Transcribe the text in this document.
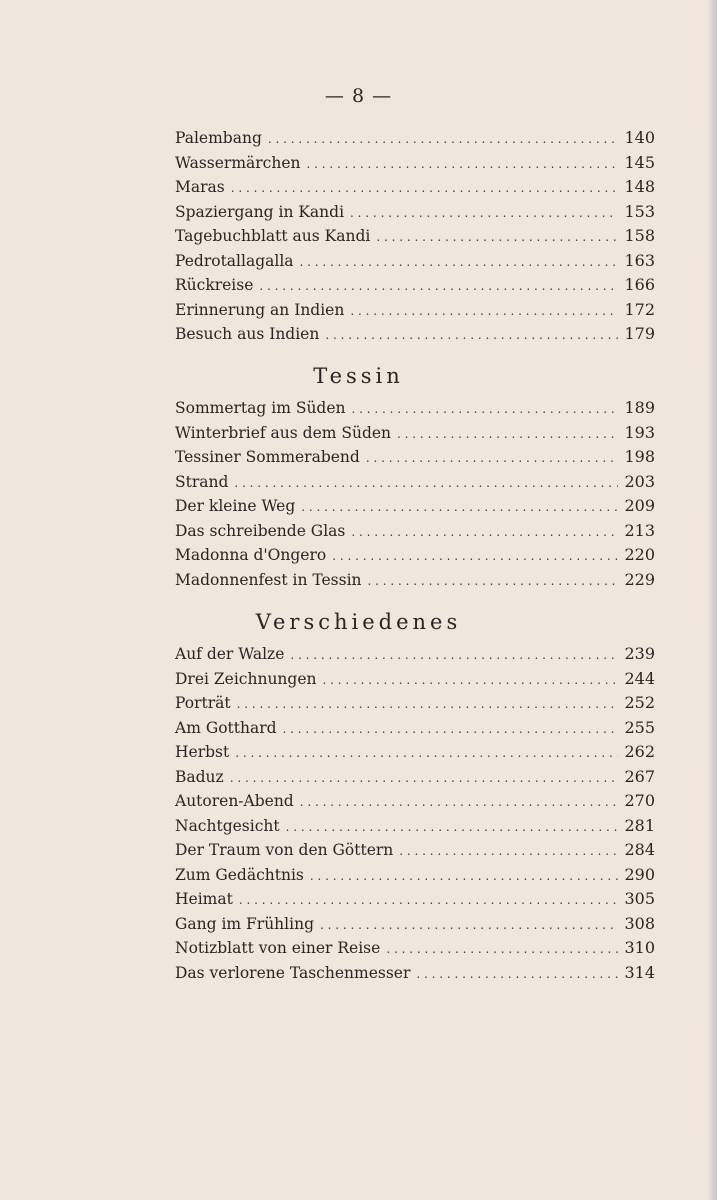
— 8 —
Palembang . . .	140
Wassermärchen . . .	145
Maras . . .	148
Spaziergang in Kandi . . .	153
Tagebuchblatt aus Kandi . . .	158
Pedrotallagalla . . .	163
Rückreise . . .	166
Erinnerung an Indien . . .	172
Besuch aus Indien . . .	179
Tessin
Sommertag im Süden . . .	189
Winterbrief aus dem Süden . . .	193
Tessiner Sommerabend . . .	198
Strand . . .	203
Der kleine Weg . . .	209
Das schreibende Glas . . .	213
Madonna d'Ongero . . .	220
Madonnenfest in Tessin . . .	229
Verschiedenes
Auf der Walze . . .	239
Drei Zeichnungen . . .	244
Porträt . . .	252
Am Gotthard . . .	255
Herbst . . .	262
Baduz . . .	267
Autoren-Abend . . .	270
Nachtgesicht . . .	281
Der Traum von den Göttern . . .	284
Zum Gedächtnis . . .	290
Heimat . . .	305
Gang im Frühling . . .	308
Notizblatt von einer Reise . . .	310
Das verlorene Taschenmesser . . .	314
